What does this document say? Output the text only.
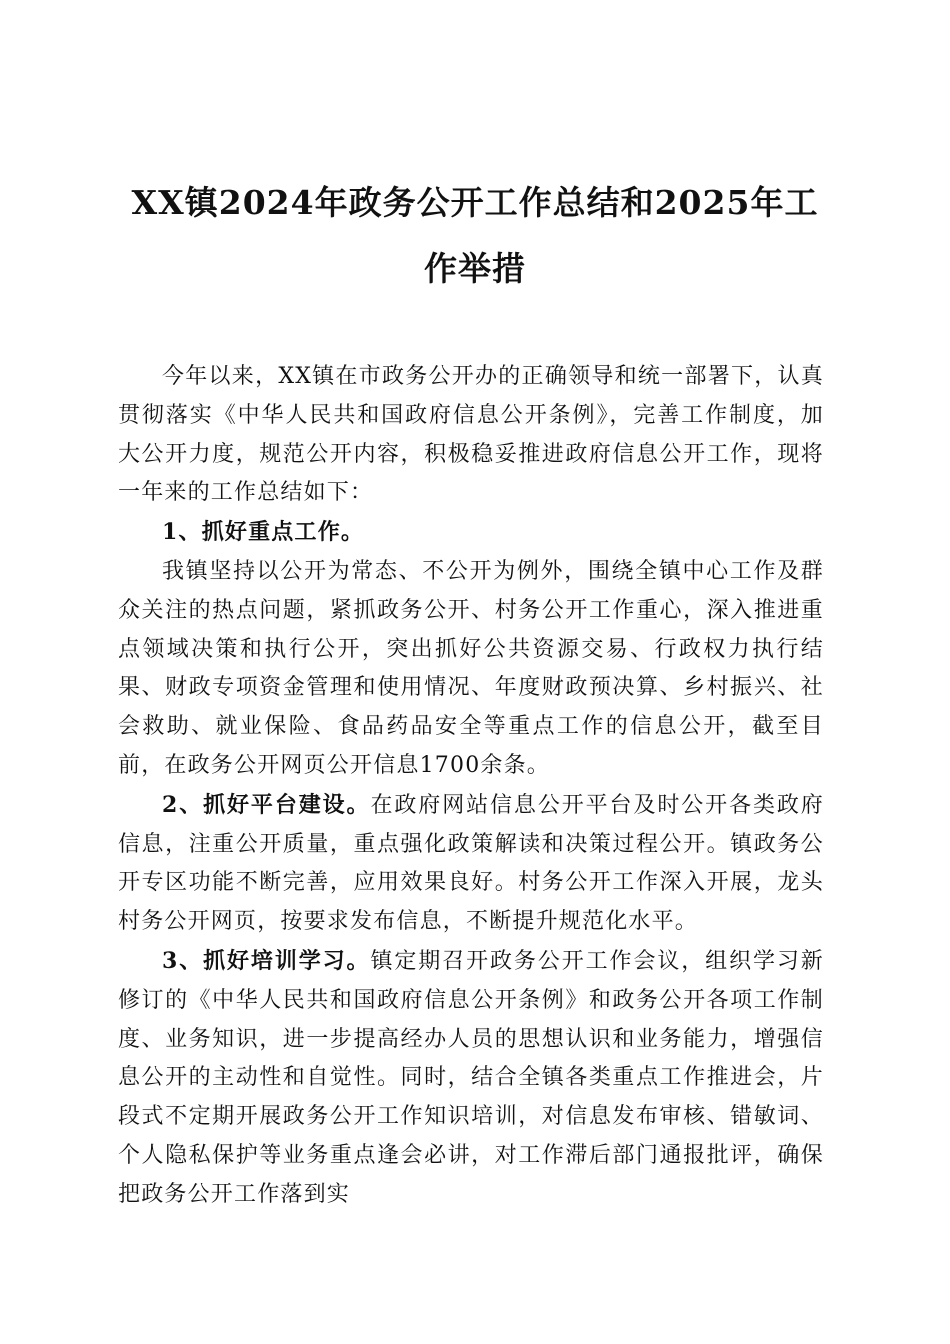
XX镇2024年政务公开工作总结和2025年工作举措

今年以来，XX镇在市政务公开办的正确领导和统一部署下，认真贯彻落实《中华人民共和国政府信息公开条例》，完善工作制度，加大公开力度，规范公开内容，积极稳妥推进政府信息公开工作，现将一年来的工作总结如下：

1、抓好重点工作。

我镇坚持以公开为常态、不公开为例外，围绕全镇中心工作及群众关注的热点问题，紧抓政务公开、村务公开工作重心，深入推进重点领域决策和执行公开，突出抓好公共资源交易、行政权力执行结果、财政专项资金管理和使用情况、年度财政预决算、乡村振兴、社会救助、就业保险、食品药品安全等重点工作的信息公开，截至目前，在政务公开网页公开信息1700余条。

2、抓好平台建设。在政府网站信息公开平台及时公开各类政府信息，注重公开质量，重点强化政策解读和决策过程公开。镇政务公开专区功能不断完善，应用效果良好。村务公开工作深入开展，龙头村务公开网页，按要求发布信息，不断提升规范化水平。

3、抓好培训学习。镇定期召开政务公开工作会议，组织学习新修订的《中华人民共和国政府信息公开条例》和政务公开各项工作制度、业务知识，进一步提高经办人员的思想认识和业务能力，增强信息公开的主动性和自觉性。同时，结合全镇各类重点工作推进会，片段式不定期开展政务公开工作知识培训，对信息发布审核、错敏词、个人隐私保护等业务重点逢会必讲，对工作滞后部门通报批评，确保把政务公开工作落到实
